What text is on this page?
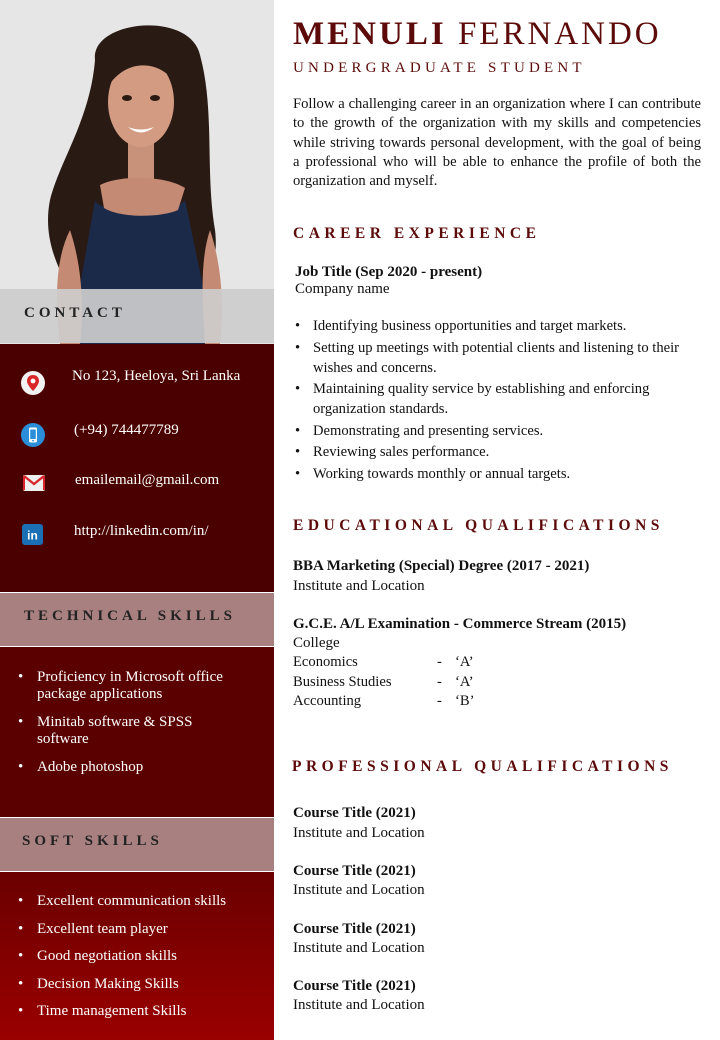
CONTACT
No 123, Heeloya, Sri Lanka
(+94) 744477789
emailemail@gmail.com
in http://linkedin.com/in/
TECHNICAL SKILLS
• Proficiency in Microsoft office package applications
• Minitab software & SPSS software
• Adobe photoshop
SOFT SKILLS
• Excellent communication skills
• Excellent team player
• Good negotiation skills
• Decision Making Skills
• Time management Skills
MENULI FERNANDO
UNDERGRADUATE STUDENT

Follow a challenging career in an organization where I can contribute to the growth of the organization with my skills and competencies while striving towards personal development, with the goal of being a professional who will be able to enhance the profile of both the organization and myself.

CAREER EXPERIENCE
Job Title (Sep 2020 - present)
Company name
• Identifying business opportunities and target markets.
• Setting up meetings with potential clients and listening to their wishes and concerns.
• Maintaining quality service by establishing and enforcing organization standards.
• Demonstrating and presenting services.
• Reviewing sales performance.
• Working towards monthly or annual targets.
EDUCATIONAL QUALIFICATIONS
BBA Marketing (Special) Degree (2017 - 2021)
Institute and Location
G.C.E. A/L Examination - Commerce Stream (2015)
College
Economics	- ‘A’
Business Studies	- ‘A’
Accounting	- ‘B’
PROFESSIONAL QUALIFICATIONS
Course Title (2021)
Institute and Location
Course Title (2021)
Institute and Location
Course Title (2021)
Institute and Location
Course Title (2021)
Institute and Location
